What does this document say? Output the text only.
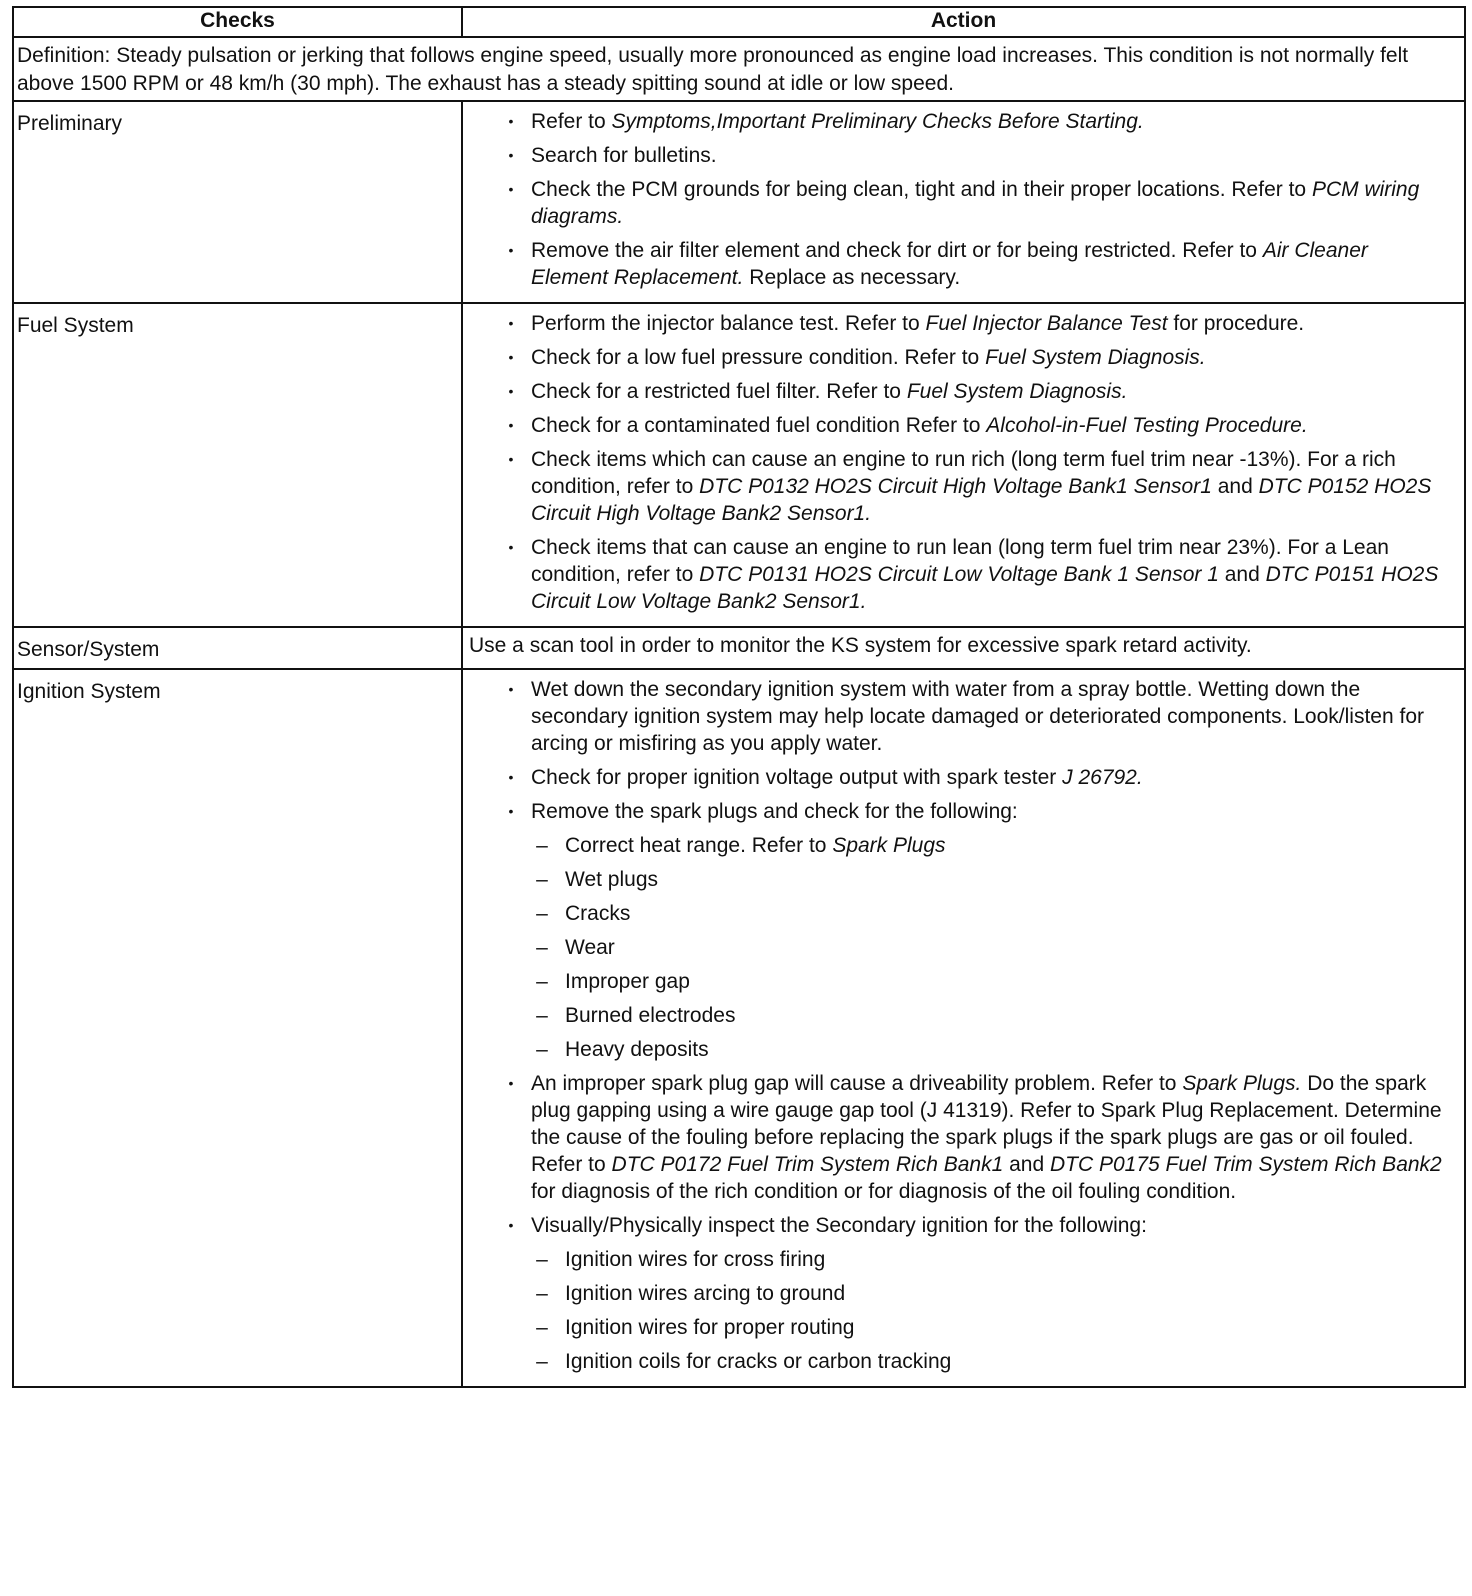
Checks	Action
Definition: Steady pulsation or jerking that follows engine speed, usually more pronounced as engine load increases. This condition is not normally felt above 1500 RPM or 48 km/h (30 mph). The exhaust has a steady spitting sound at idle or low speed.	
Preliminary	• Refer to Symptoms,Important Preliminary Checks Before Starting.
• Search for bulletins.
• Check the PCM grounds for being clean, tight and in their proper locations. Refer to PCM wiring diagrams.
• Remove the air filter element and check for dirt or for being restricted. Refer to Air Cleaner Element Replacement. Replace as necessary.

Fuel System	• Perform the injector balance test. Refer to Fuel Injector Balance Test for procedure.
• Check for a low fuel pressure condition. Refer to Fuel System Diagnosis.
• Check for a restricted fuel filter. Refer to Fuel System Diagnosis.
• Check for a contaminated fuel condition Refer to Alcohol-in-Fuel Testing Procedure.
• Check items which can cause an engine to run rich (long term fuel trim near -13%). For a rich condition, refer to DTC P0132 HO2S Circuit High Voltage Bank1 Sensor1 and DTC P0152 HO2S Circuit High Voltage Bank2 Sensor1.
• Check items that can cause an engine to run lean (long term fuel trim near 23%). For a Lean condition, refer to DTC P0131 HO2S Circuit Low Voltage Bank 1 Sensor 1 and DTC P0151 HO2S Circuit Low Voltage Bank2 Sensor1.

Sensor/System	Use a scan tool in order to monitor the KS system for excessive spark retard activity.
Ignition System	• Wet down the secondary ignition system with water from a spray bottle. Wetting down the secondary ignition system may help locate damaged or deteriorated components. Look/listen for arcing or misfiring as you apply water.
• Check for proper ignition voltage output with spark tester J 26792.
• Remove the spark plugs and check for the following:
– Correct heat range. Refer to Spark Plugs
– Wet plugs
– Cracks
– Wear
– Improper gap
– Burned electrodes
– Heavy deposits
• An improper spark plug gap will cause a driveability problem. Refer to Spark Plugs. Do the spark plug gapping using a wire gauge gap tool (J 41319). Refer to Spark Plug Replacement. Determine the cause of the fouling before replacing the spark plugs if the spark plugs are gas or oil fouled. Refer to DTC P0172 Fuel Trim System Rich Bank1 and DTC P0175 Fuel Trim System Rich Bank2 for diagnosis of the rich condition or for diagnosis of the oil fouling condition.
• Visually/Physically inspect the Secondary ignition for the following:
– Ignition wires for cross firing
– Ignition wires arcing to ground
– Ignition wires for proper routing
– Ignition coils for cracks or carbon tracking
